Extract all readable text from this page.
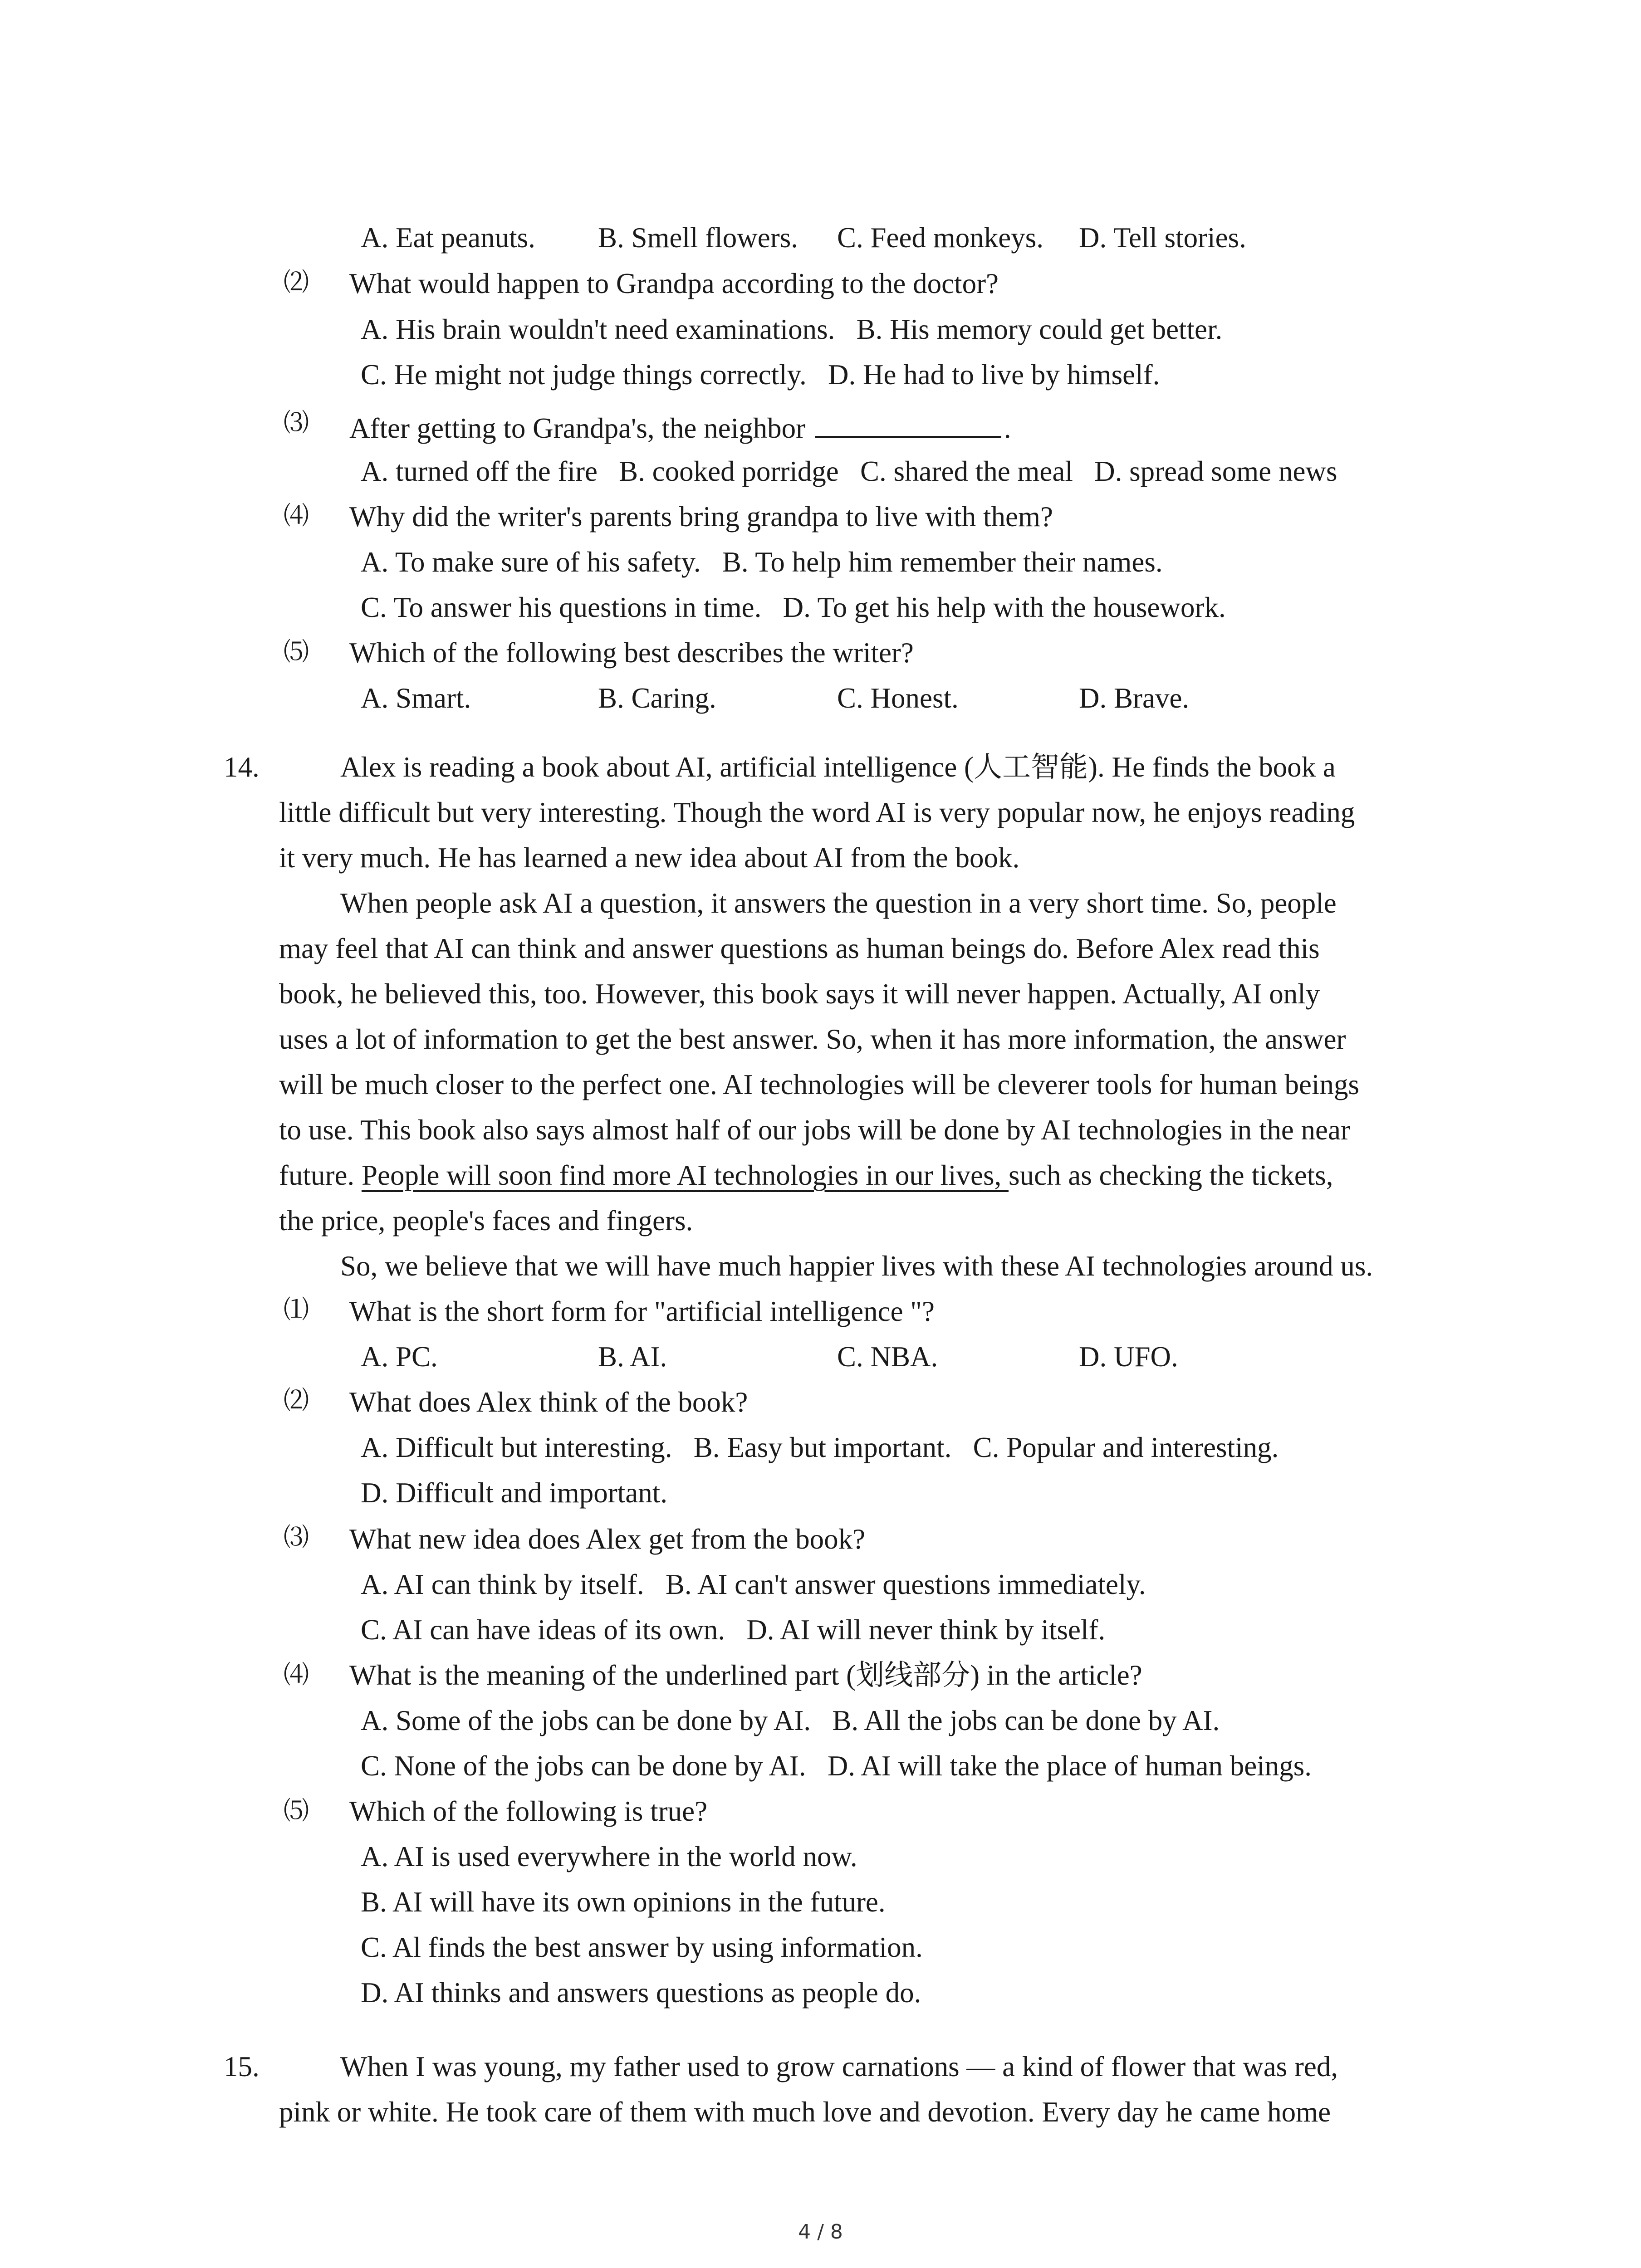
A. Eat peanuts. B. Smell flowers. C. Feed monkeys. D. Tell stories.
⑵ What would happen to Grandpa according to the doctor?
A. His brain wouldn't need examinations.   B. His memory could get better.
C. He might not judge things correctly.   D. He had to live by himself.
⑶ After getting to Grandpa's, the neighbor	.
A. turned off the fire   B. cooked porridge   C. shared the meal   D. spread some news
⑷ Why did the writer's parents bring grandpa to live with them?
A. To make sure of his safety.   B. To help him remember their names.
C. To answer his questions in time.   D. To get his help with the housework.
⑸ Which of the following best describes the writer?
A. Smart.	B. Caring.	C. Honest.	D. Brave.
14.	Alex is reading a book about AI, artificial intelligence (人工智能). He finds the book a
little difficult but very interesting. Though the word AI is very popular now, he enjoys reading
it very much. He has learned a new idea about AI from the book.
When people ask AI a question, it answers the question in a very short time. So, people
may feel that AI can think and answer questions as human beings do. Before Alex read this
book, he believed this, too. However, this book says it will never happen. Actually, AI only
uses a lot of information to get the best answer. So, when it has more information, the answer
will be much closer to the perfect one. AI technologies will be cleverer tools for human beings
to use. This book also says almost half of our jobs will be done by AI technologies in the near
future. People will soon find more AI technologies in our lives, such as checking the tickets,
the price, people's faces and fingers.
So, we believe that we will have much happier lives with these AI technologies around us.
⑴ What is the short form for "artificial intelligence "?
A. PC.	B. AI.	C. NBA.	D. UFO.
⑵ What does Alex think of the book?
A. Difficult but interesting.   B. Easy but important.   C. Popular and interesting.
D. Difficult and important.
⑶ What new idea does Alex get from the book?
A. AI can think by itself.   B. AI can't answer questions immediately.
C. AI can have ideas of its own.   D. AI will never think by itself.
⑷ What is the meaning of the underlined part (划线部分) in the article?
A. Some of the jobs can be done by AI.   B. All the jobs can be done by AI.
C. None of the jobs can be done by AI.   D. AI will take the place of human beings.
⑸ Which of the following is true?
A. AI is used everywhere in the world now.
B. AI will have its own opinions in the future.
C. Al finds the best answer by using information.
D. AI thinks and answers questions as people do.
15.	When I was young, my father used to grow carnations — a kind of flower that was red,
pink or white. He took care of them with much love and devotion. Every day he came home
4 / 8
